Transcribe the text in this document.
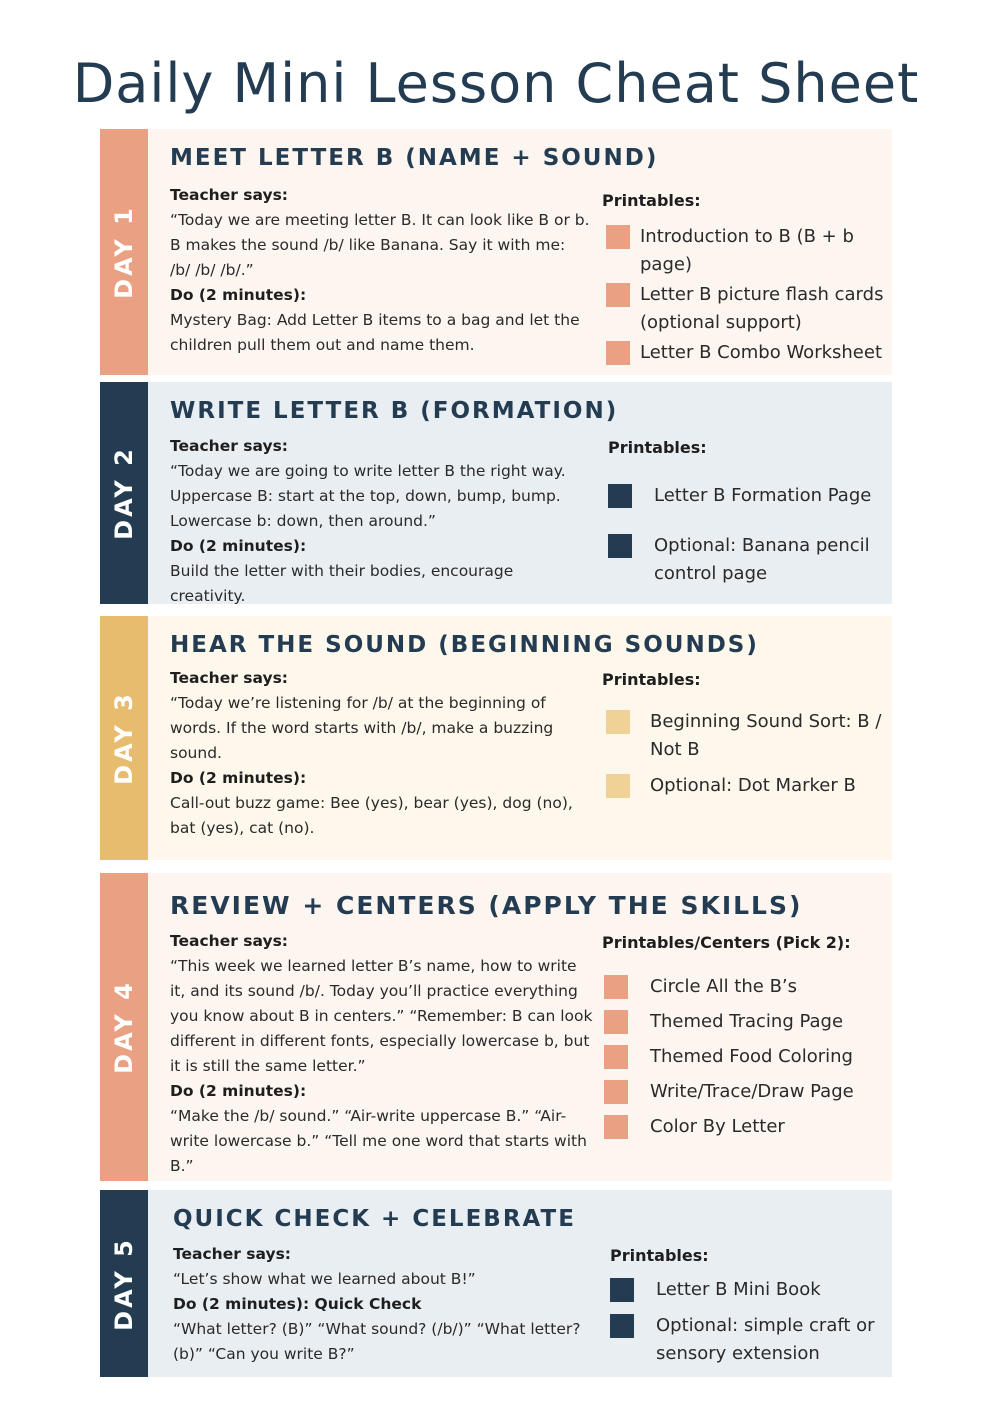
Daily Mini Lesson Cheat Sheet
DAY 1
MEET LETTER B (NAME + SOUND)
Teacher says:
“Today we are meeting letter B. It can look like B or b. B makes the sound /b/ like Banana. Say it with me: /b/ /b/ /b/.”
Do (2 minutes):
Mystery Bag: Add Letter B items to a bag and let the children pull them out and name them.
Printables:
Introduction to B (B + b page)
Letter B picture flash cards (optional support)
Letter B Combo Worksheet
DAY 2
WRITE LETTER B (FORMATION)
Teacher says:
“Today we are going to write letter B the right way. Uppercase B: start at the top, down, bump, bump. Lowercase b: down, then around.”
Do (2 minutes):
Build the letter with their bodies, encourage creativity.
Printables:
Letter B Formation Page
Optional: Banana pencil control page
DAY 3
HEAR THE SOUND (BEGINNING SOUNDS)
Teacher says:
“Today we’re listening for /b/ at the beginning of words. If the word starts with /b/, make a buzzing sound.
Do (2 minutes):
Call-out buzz game: Bee (yes), bear (yes), dog (no), bat (yes), cat (no).
Printables:
Beginning Sound Sort: B / Not B
Optional: Dot Marker B
DAY 4
REVIEW + CENTERS (APPLY THE SKILLS)
Teacher says:
“This week we learned letter B’s name, how to write it, and its sound /b/. Today you’ll practice everything you know about B in centers.” “Remember: B can look different in different fonts, especially lowercase b, but it is still the same letter.”
Do (2 minutes):
“Make the /b/ sound.” “Air-write uppercase B.” “Air-write lowercase b.” “Tell me one word that starts with B.”
Printables/Centers (Pick 2):
Circle All the B’s
Themed Tracing Page
Themed Food Coloring
Write/Trace/Draw Page
Color By Letter
DAY 5
QUICK CHECK + CELEBRATE
Teacher says:
“Let’s show what we learned about B!”
Do (2 minutes): Quick Check
“What letter? (B)” “What sound? (/b/)” “What letter? (b)” “Can you write B?”
Printables:
Letter B Mini Book
Optional: simple craft or sensory extension
